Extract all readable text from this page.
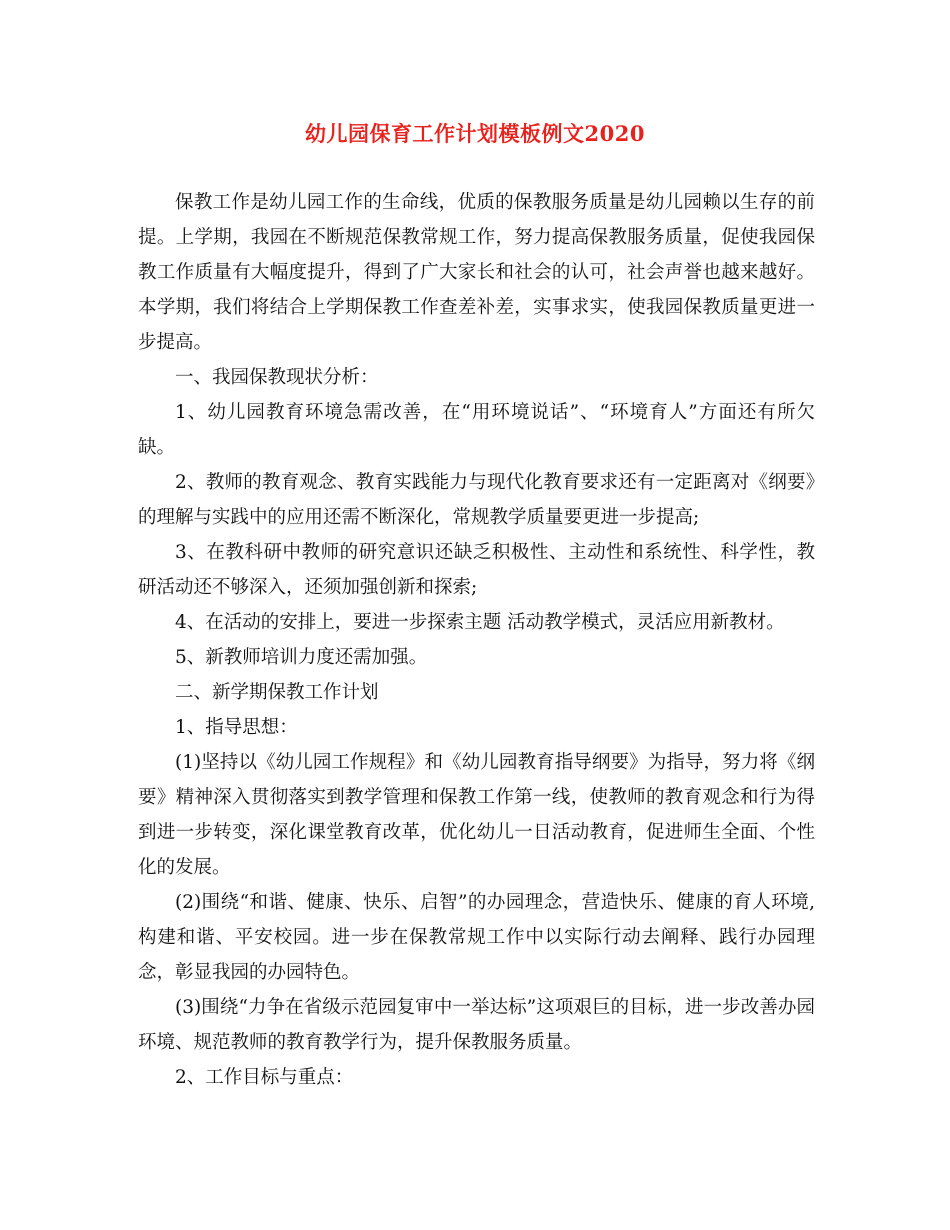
幼儿园保育工作计划模板例文2020

保教工作是幼儿园工作的生命线，优质的保教服务质量是幼儿园赖以生存的前提。上学期，我园在不断规范保教常规工作，努力提高保教服务质量，促使我园保教工作质量有大幅度提升，得到了广大家长和社会的认可，社会声誉也越来越好。本学期，我们将结合上学期保教工作查差补差，实事求实，使我园保教质量更进一步提高。

一、我园保教现状分析：

1、幼儿园教育环境急需改善，在“用环境说话”、“环境育人”方面还有所欠缺。

2、教师的教育观念、教育实践能力与现代化教育要求还有一定距离对《纲要》的理解与实践中的应用还需不断深化，常规教学质量要更进一步提高;

3、在教科研中教师的研究意识还缺乏积极性、主动性和系统性、科学性，教研活动还不够深入，还须加强创新和探索;

4、在活动的安排上，要进一步探索主题 活动教学模式，灵活应用新教材。

5、新教师培训力度还需加强。

二、新学期保教工作计划

1、指导思想：

(1)坚持以《幼儿园工作规程》和《幼儿园教育指导纲要》为指导，努力将《纲要》精神深入贯彻落实到教学管理和保教工作第一线，使教师的教育观念和行为得到进一步转变，深化课堂教育改革，优化幼儿一日活动教育，促进师生全面、个性化的发展。

(2)围绕“和谐、健康、快乐、启智”的办园理念，营造快乐、健康的育人环境,构建和谐、平安校园。进一步在保教常规工作中以实际行动去阐释、践行办园理念，彰显我园的办园特色。

(3)围绕“力争在省级示范园复审中一举达标”这项艰巨的目标，进一步改善办园环境、规范教师的教育教学行为，提升保教服务质量。

2、工作目标与重点：
